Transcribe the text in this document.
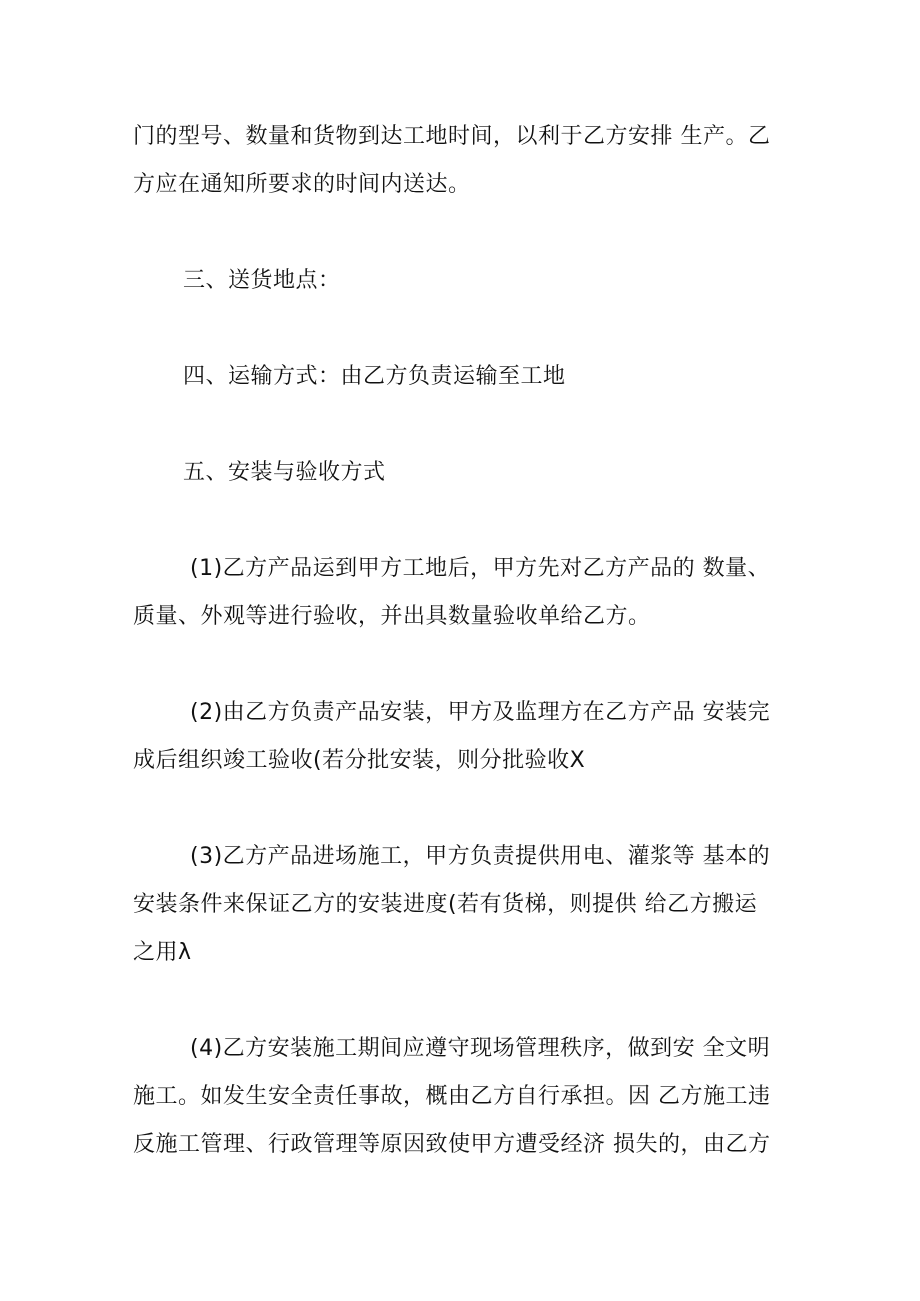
门的型号、数量和货物到达工地时间，以利于乙方安排 生产。乙
方应在通知所要求的时间内送达。
三、送货地点：
四、运输方式：由乙方负责运输至工地
五、安装与验收方式
(1)乙方产品运到甲方工地后，甲方先对乙方产品的 数量、
质量、外观等进行验收，并出具数量验收单给乙方。
(2)由乙方负责产品安装，甲方及监理方在乙方产品 安装完
成后组织竣工验收(若分批安装，则分批验收X
(3)乙方产品进场施工，甲方负责提供用电、灌浆等 基本的
安装条件来保证乙方的安装进度(若有货梯，则提供 给乙方搬运
之用λ
(4)乙方安装施工期间应遵守现场管理秩序，做到安 全文明
施工。如发生安全责任事故，概由乙方自行承担。因 乙方施工违
反施工管理、行政管理等原因致使甲方遭受经济 损失的，由乙方
